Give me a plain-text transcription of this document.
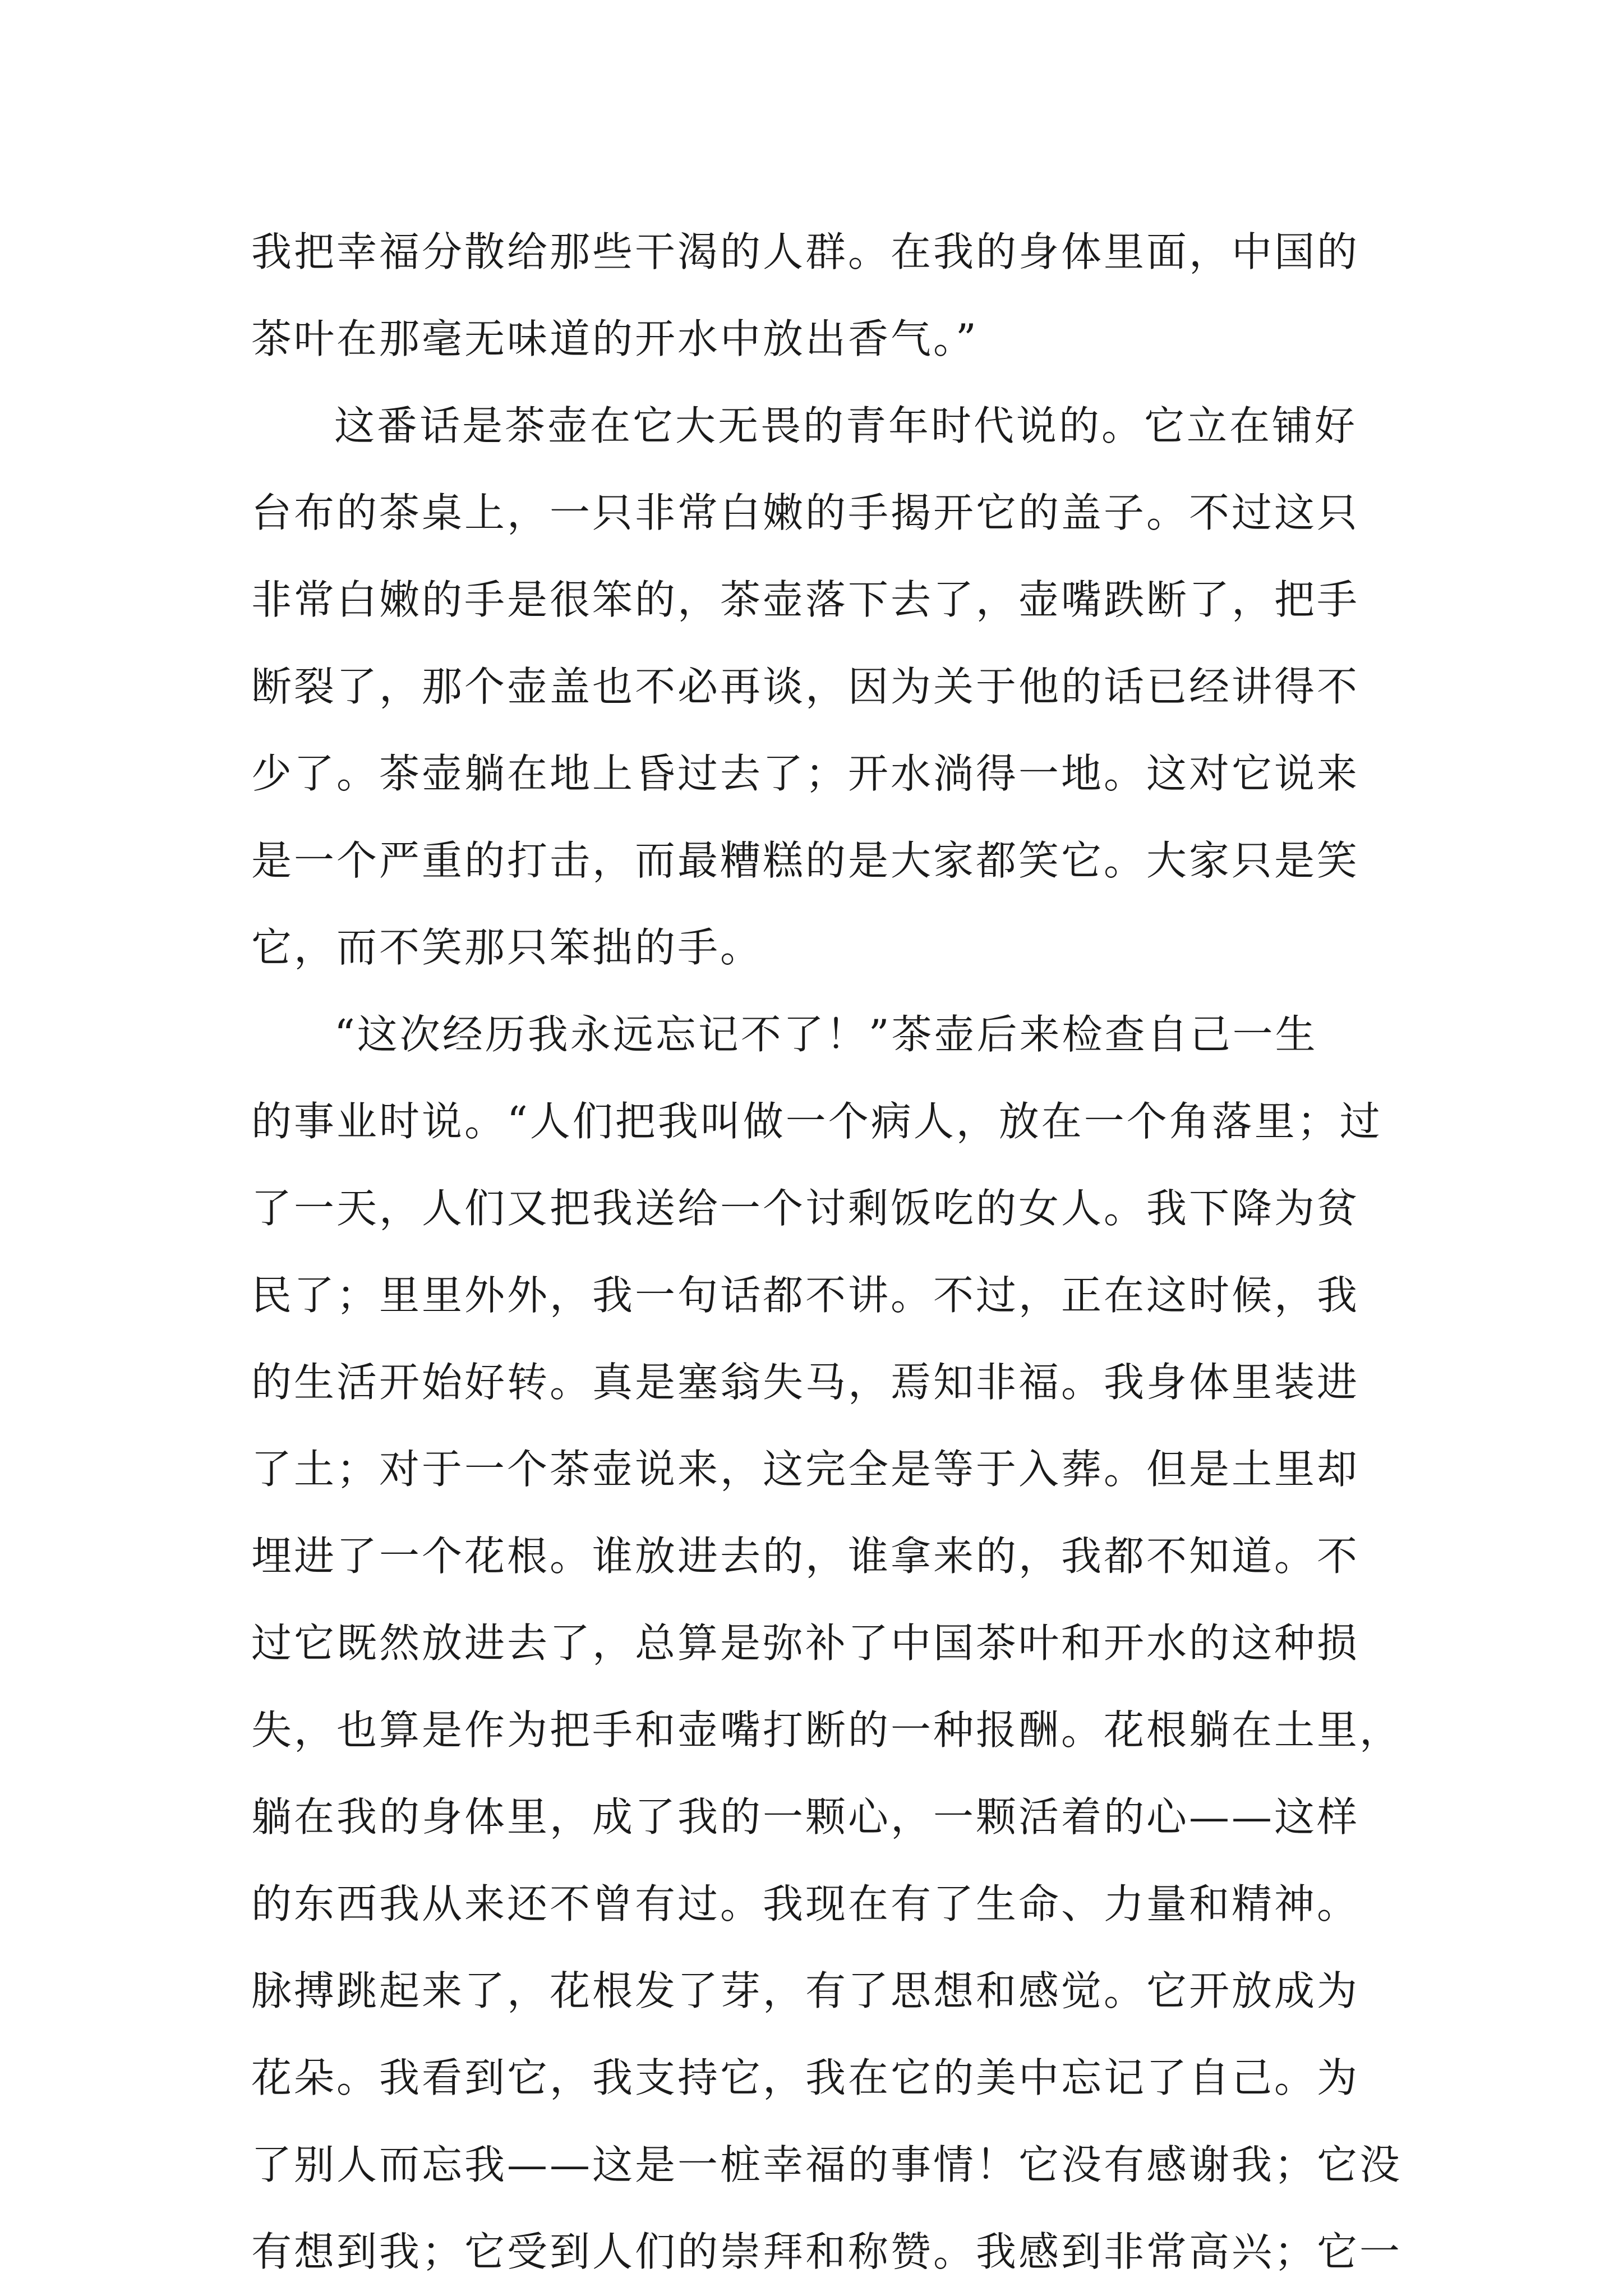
我把幸福分散给那些干渴的人群。在我的身体里面，中国的
茶叶在那毫无味道的开水中放出香气。”
这番话是茶壶在它大无畏的青年时代说的。它立在铺好
台布的茶桌上，一只非常白嫩的手揭开它的盖子。不过这只
非常白嫩的手是很笨的，茶壶落下去了，壶嘴跌断了，把手
断裂了，那个壶盖也不必再谈，因为关于他的话已经讲得不
少了。茶壶躺在地上昏过去了；开水淌得一地。这对它说来
是一个严重的打击，而最糟糕的是大家都笑它。大家只是笑
它，而不笑那只笨拙的手。
“这次经历我永远忘记不了！”茶壶后来检查自己一生
的事业时说。“人们把我叫做一个病人，放在一个角落里；过
了一天，人们又把我送给一个讨剩饭吃的女人。我下降为贫
民了；里里外外，我一句话都不讲。不过，正在这时候，我
的生活开始好转。真是塞翁失马，焉知非福。我身体里装进
了土；对于一个茶壶说来，这完全是等于入葬。但是土里却
埋进了一个花根。谁放进去的，谁拿来的，我都不知道。不
过它既然放进去了，总算是弥补了中国茶叶和开水的这种损
失，也算是作为把手和壶嘴打断的一种报酬。花根躺在土里，
躺在我的身体里，成了我的一颗心，一颗活着的心——这样
的东西我从来还不曾有过。我现在有了生命、力量和精神。
脉搏跳起来了，花根发了芽，有了思想和感觉。它开放成为
花朵。我看到它，我支持它，我在它的美中忘记了自己。为
了别人而忘我——这是一桩幸福的事情！它没有感谢我；它没
有想到我；它受到人们的崇拜和称赞。我感到非常高兴；它一
